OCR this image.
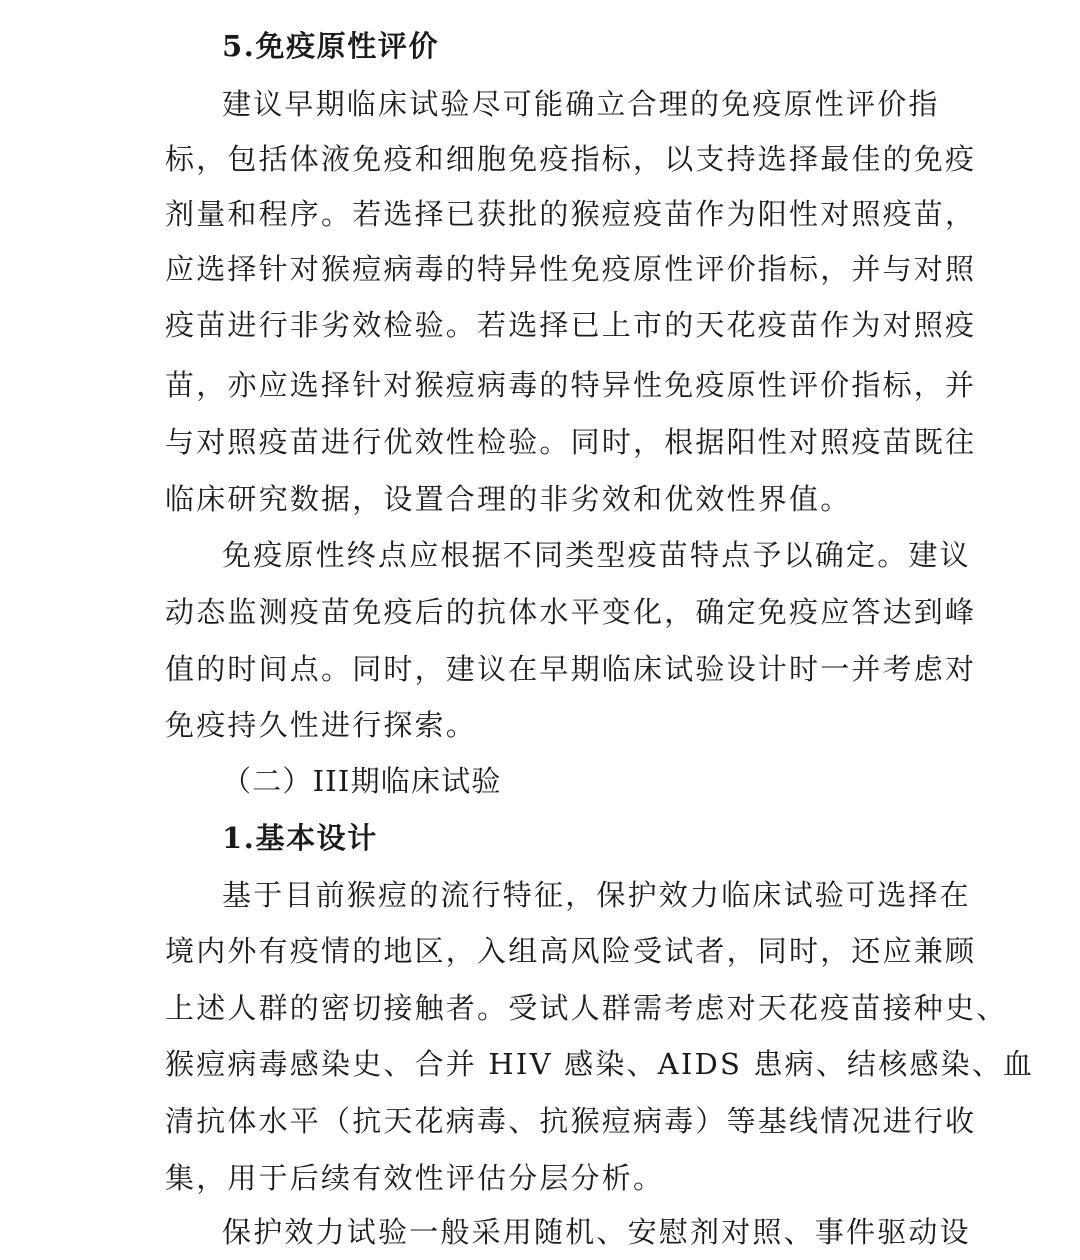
5.免疫原性评价
建议早期临床试验尽可能确立合理的免疫原性评价指
标，包括体液免疫和细胞免疫指标，以支持选择最佳的免疫
剂量和程序。若选择已获批的猴痘疫苗作为阳性对照疫苗，
应选择针对猴痘病毒的特异性免疫原性评价指标，并与对照
疫苗进行非劣效检验。若选择已上市的天花疫苗作为对照疫
苗，亦应选择针对猴痘病毒的特异性免疫原性评价指标，并
与对照疫苗进行优效性检验。同时，根据阳性对照疫苗既往
临床研究数据，设置合理的非劣效和优效性界值。
免疫原性终点应根据不同类型疫苗特点予以确定。建议
动态监测疫苗免疫后的抗体水平变化，确定免疫应答达到峰
值的时间点。同时，建议在早期临床试验设计时一并考虑对
免疫持久性进行探索。
（二）III期临床试验
1.基本设计
基于目前猴痘的流行特征，保护效力临床试验可选择在
境内外有疫情的地区，入组高风险受试者，同时，还应兼顾
上述人群的密切接触者。受试人群需考虑对天花疫苗接种史、
猴痘病毒感染史、合并 HIV 感染、AIDS 患病、结核感染、血
清抗体水平（抗天花病毒、抗猴痘病毒）等基线情况进行收
集，用于后续有效性评估分层分析。
保护效力试验一般采用随机、安慰剂对照、事件驱动设
